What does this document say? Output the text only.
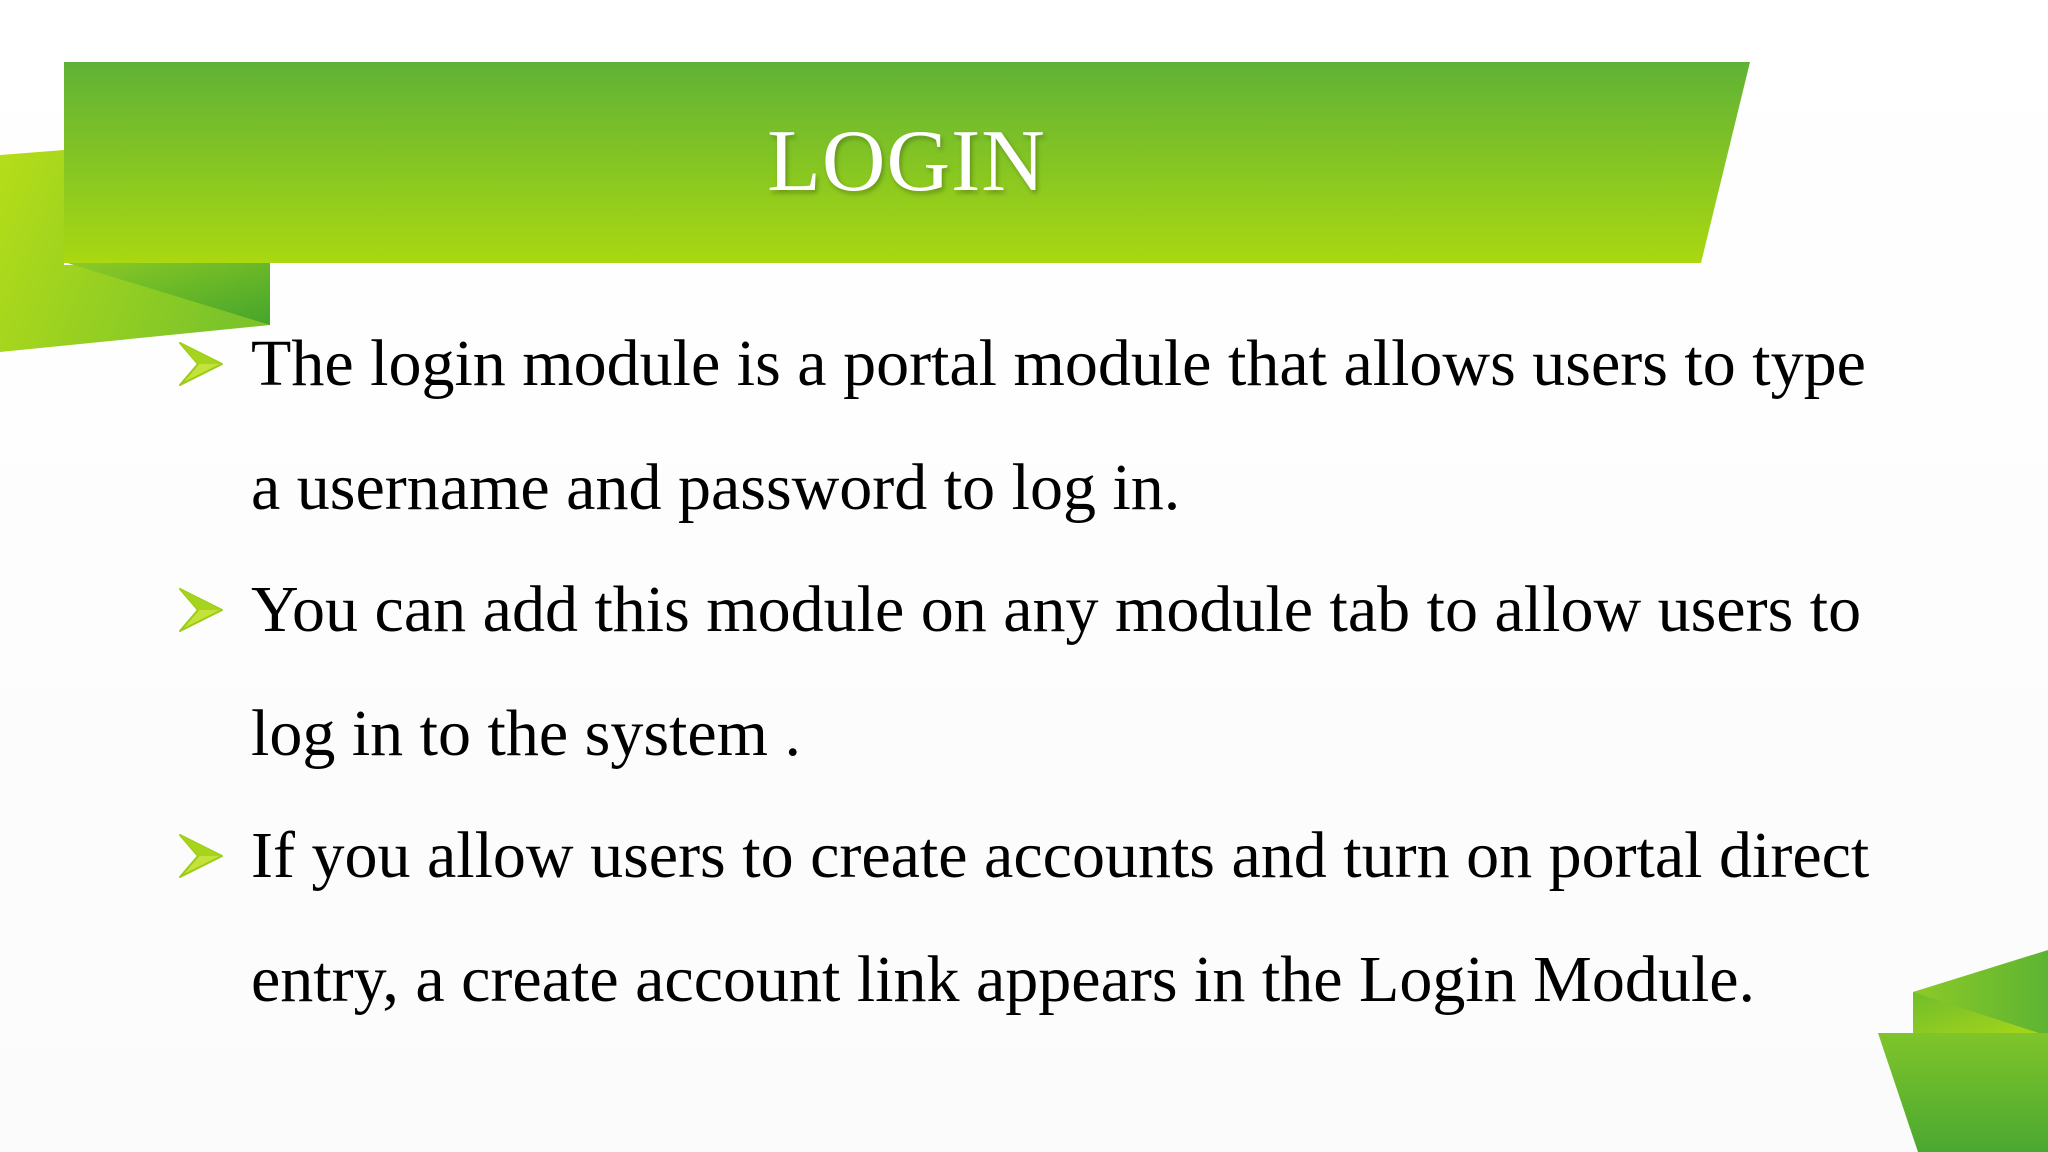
LOGIN

The login module is a portal module that allows users to type

a username and password to log in.

You can add this module on any module tab to allow users to

log in to the system .

If you allow users to create accounts and turn on portal direct

entry, a create account link appears in the Login Module.
